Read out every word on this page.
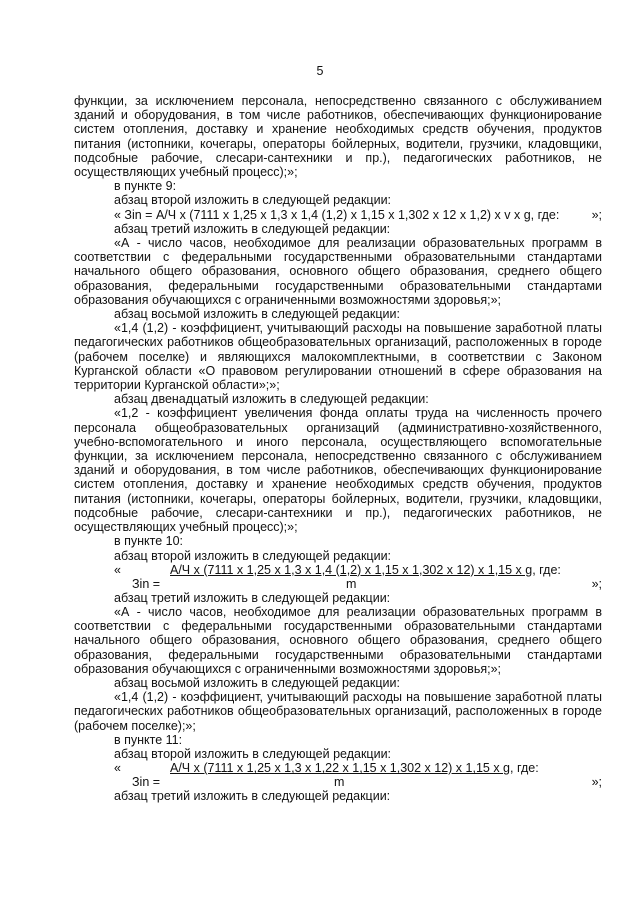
5
функции, за исключением персонала, непосредственно связанного с обслуживанием зданий и оборудования, в том числе работников, обеспечивающих функционирование систем отопления, доставку и хранение необходимых средств обучения, продуктов питания (истопники, кочегары, операторы бойлерных, водители, грузчики, кладовщики, подсобные рабочие, слесари-сантехники и пр.), педагогических работников, не осуществляющих учебный процесс);»;
в пункте 9:
абзац второй изложить в следующей редакции:
« Зin = А/Ч х (7111 х 1,25 х 1,3 х 1,4 (1,2) х 1,15 х 1,302 х 12 х 1,2) х v х g, где:	»;
абзац третий изложить в следующей редакции:
«А - число часов, необходимое для реализации образовательных программ в соответствии с федеральными государственными образовательными стандартами начального общего образования, основного общего образования, среднего общего образования, федеральными государственными образовательными стандартами образования обучающихся с ограниченными возможностями здоровья;»;
абзац восьмой изложить в следующей редакции:
«1,4 (1,2) - коэффициент, учитывающий расходы на повышение заработной платы педагогических работников общеобразовательных организаций, расположенных в городе (рабочем поселке) и являющихся малокомплектными, в соответствии с Законом Курганской области «О правовом регулировании отношений в сфере образования на территории Курганской области»;»;
абзац двенадцатый изложить в следующей редакции:
«1,2 - коэффициент увеличения фонда оплаты труда на численность прочего персонала общеобразовательных организаций (административно-хозяйственного, учебно-вспомогательного и иного персонала, осуществляющего вспомогательные функции, за исключением персонала, непосредственно связанного с обслуживанием зданий и оборудования, в том числе работников, обеспечивающих функционирование систем отопления, доставку и хранение необходимых средств обучения, продуктов питания (истопники, кочегары, операторы бойлерных, водители, грузчики, кладовщики, подсобные рабочие, слесари-сантехники и пр.), педагогических работников, не осуществляющих учебный процесс);»;
в пункте 10:
абзац второй изложить в следующей редакции:
«	А/Ч х (7111 х 1,25 х 1,3 х 1,4 (1,2) х 1,15 х 1,302 х 12) х 1,15 х g, где:
Зin =	m	»;
абзац третий изложить в следующей редакции:
«А - число часов, необходимое для реализации образовательных программ в соответствии с федеральными государственными образовательными стандартами начального общего образования, основного общего образования, среднего общего образования, федеральными государственными образовательными стандартами образования обучающихся с ограниченными возможностями здоровья;»;
абзац восьмой изложить в следующей редакции:
«1,4 (1,2) - коэффициент, учитывающий расходы на повышение заработной платы педагогических работников общеобразовательных организаций, расположенных в городе (рабочем поселке);»;
в пункте 11:
абзац второй изложить в следующей редакции:
«	А/Ч х (7111 х 1,25 х 1,3 х 1,22 х 1,15 х 1,302 х 12) х 1,15 х g, где:
Зin =	m	»;
абзац третий изложить в следующей редакции:
